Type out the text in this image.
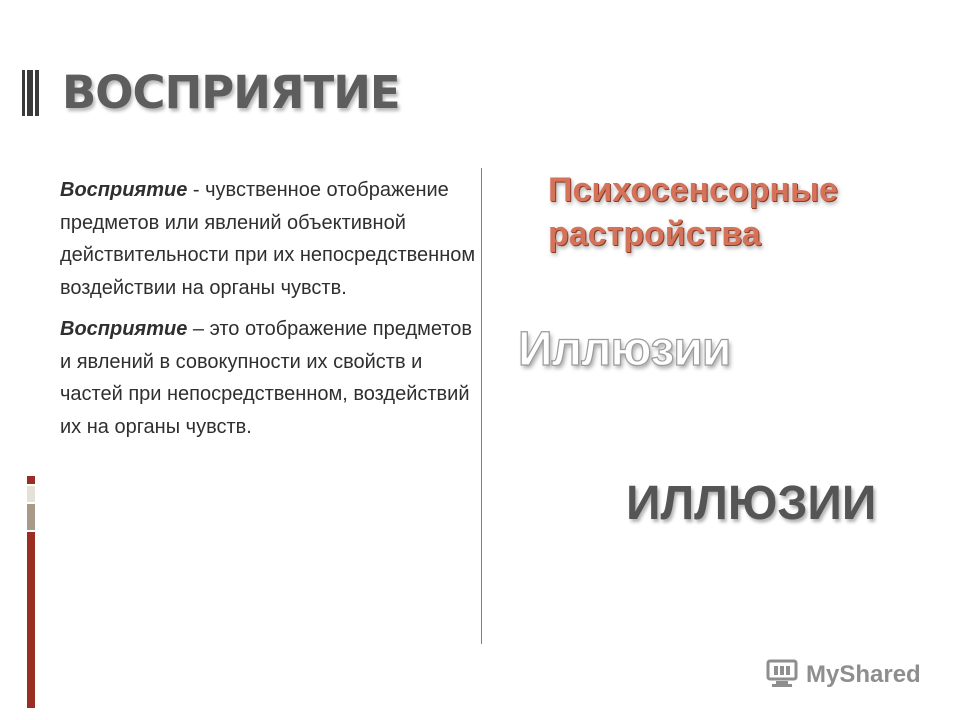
ВОСПРИЯТИЕ

Восприятие - чувственное отображение предметов или явлений объективной действительности при их непосредственном воздействии на органы чувств.

Восприятие – это отображение предметов и явлений в совокупности их свойств и частей при непосредственном, воздействий их на органы чувств.

Психосенсорные
растройства
Иллюзии
ИЛЛЮЗИИ
MyShared
